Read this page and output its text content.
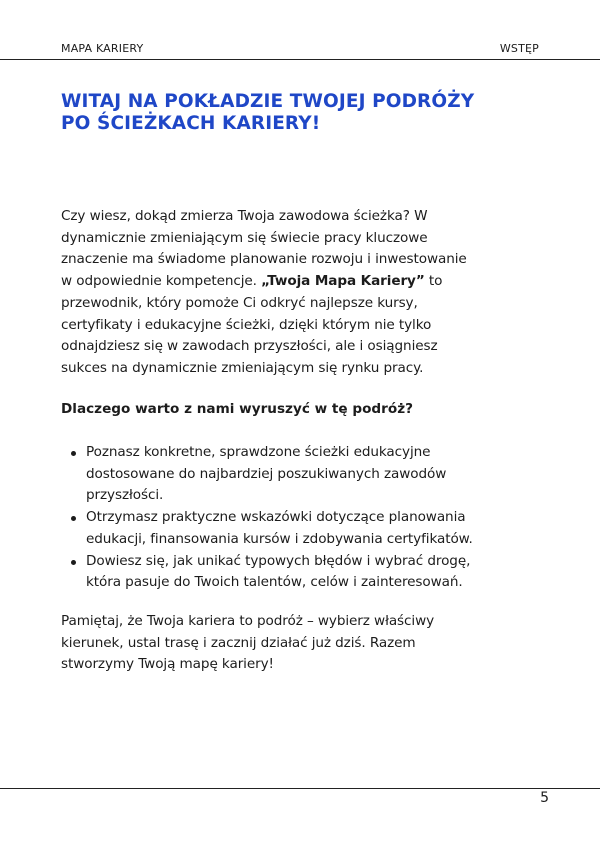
MAPA KARIERY	WSTĘP
WITAJ NA POKŁADZIE TWOJEJ PODRÓŻY
PO ŚCIEŻKACH KARIERY!

Czy wiesz, dokąd zmierza Twoja zawodowa ścieżka? W
dynamicznie zmieniającym się świecie pracy kluczowe
znaczenie ma świadome planowanie rozwoju i inwestowanie
w odpowiednie kompetencje. „Twoja Mapa Kariery” to
przewodnik, który pomoże Ci odkryć najlepsze kursy,
certyfikaty i edukacyjne ścieżki, dzięki którym nie tylko
odnajdziesz się w zawodach przyszłości, ale i osiągniesz
sukces na dynamicznie zmieniającym się rynku pracy.

Dlaczego warto z nami wyruszyć w tę podróż?
Poznasz konkretne, sprawdzone ścieżki edukacyjne
dostosowane do najbardziej poszukiwanych zawodów
przyszłości.
Otrzymasz praktyczne wskazówki dotyczące planowania
edukacji, finansowania kursów i zdobywania certyfikatów.
Dowiesz się, jak unikać typowych błędów i wybrać drogę,
która pasuje do Twoich talentów, celów i zainteresowań.

Pamiętaj, że Twoja kariera to podróż – wybierz właściwy
kierunek, ustal trasę i zacznij działać już dziś. Razem
stworzymy Twoją mapę kariery!

5
